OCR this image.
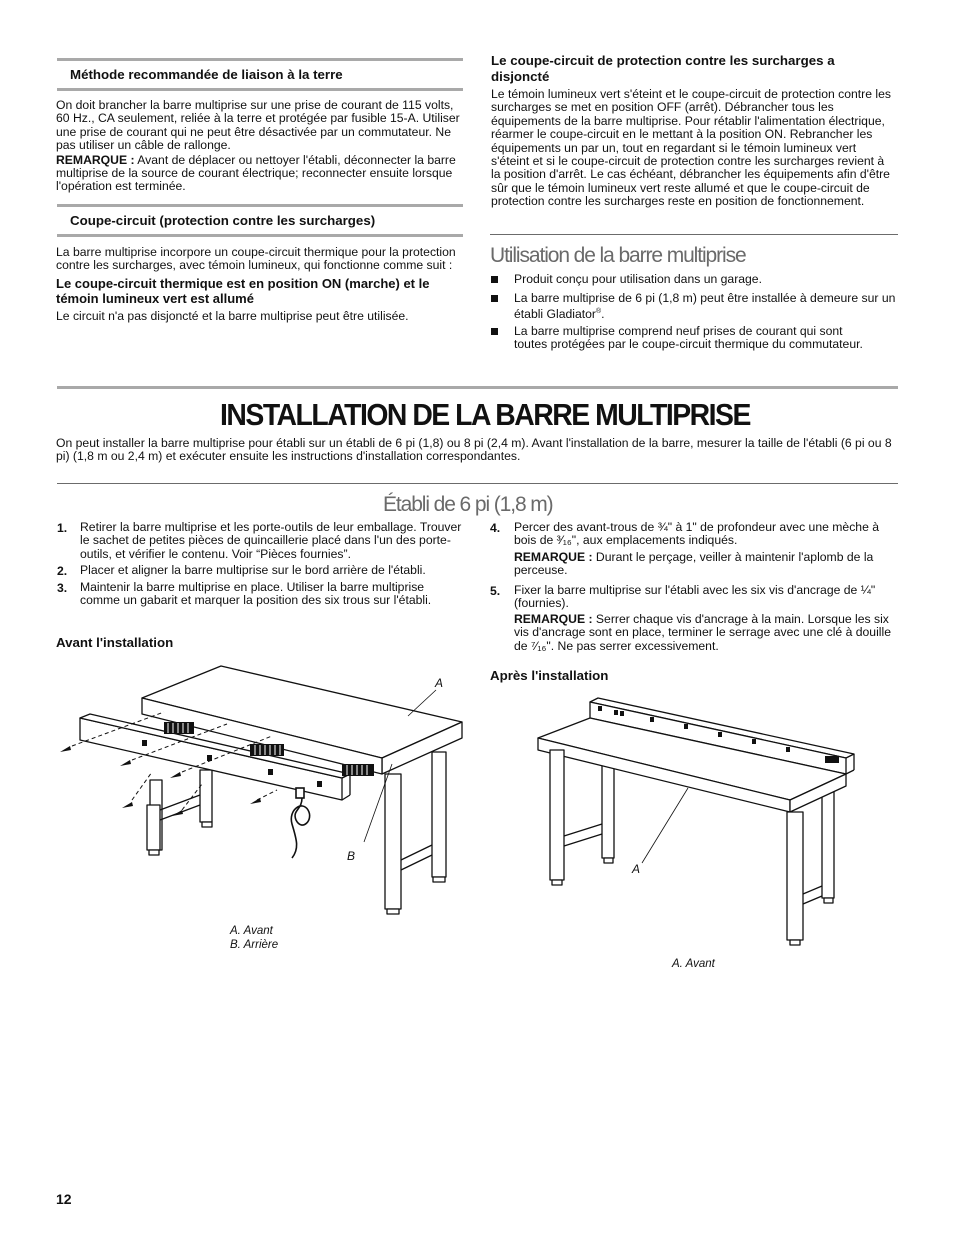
Méthode recommandée de liaison à la terre

On doit brancher la barre multiprise sur une prise de courant de 115 volts, 60 Hz., CA seulement, reliée à la terre et protégée par fusible 15-A. Utiliser une prise de courant qui ne peut être désactivée par un commutateur. Ne pas utiliser un câble de rallonge.

REMARQUE : Avant de déplacer ou nettoyer l'établi, déconnecter la barre multiprise de la source de courant électrique; reconnecter ensuite lorsque l'opération est terminée.

Coupe-circuit (protection contre les surcharges)

La barre multiprise incorpore un coupe-circuit thermique pour la protection contre les surcharges, avec témoin lumineux, qui fonctionne comme suit :

Le coupe-circuit thermique est en position ON (marche) et le témoin lumineux vert est allumé

Le circuit n'a pas disjoncté et la barre multiprise peut être utilisée.

Le coupe-circuit de protection contre les surcharges a disjoncté

Le témoin lumineux vert s'éteint et le coupe-circuit de protection contre les surcharges se met en position OFF (arrêt). Débrancher tous les équipements de la barre multiprise. Pour rétablir l'alimentation électrique, réarmer le coupe-circuit en le mettant à la position ON. Rebrancher les équipements un par un, tout en regardant si le témoin lumineux vert s'éteint et si le coupe-circuit de protection contre les surcharges revient à la position d'arrêt. Le cas échéant, débrancher les équipements afin d'être sûr que le témoin lumineux vert reste allumé et que le coupe-circuit de protection contre les surcharges reste en position de fonctionnement.

Utilisation de la barre multiprise

Produit conçu pour utilisation dans un garage.

La barre multiprise de 6 pi (1,8 m) peut être installée à demeure sur un établi Gladiator®.

La barre multiprise comprend neuf prises de courant qui sont toutes protégées par le coupe-circuit thermique du commutateur.

INSTALLATION DE LA BARRE MULTIPRISE

On peut installer la barre multiprise pour établi sur un établi de 6 pi (1,8) ou 8 pi (2,4 m). Avant l'installation de la barre, mesurer la taille de l'établi (6 pi ou 8 pi) (1,8 m ou 2,4 m) et exécuter ensuite les instructions d'installation correspondantes.

Établi de 6 pi (1,8 m)
1. Retirer la barre multiprise et les porte-outils de leur emballage. Trouver le sachet de petites pièces de quincaillerie placé dans l'un des porte-outils, et vérifier le contenu. Voir “Pièces fournies”.

2. Placer et aligner la barre multiprise sur le bord arrière de l'établi.

3. Maintenir la barre multiprise en place. Utiliser la barre multiprise comme un gabarit et marquer la position des six trous sur l'établi.

4. Percer des avant-trous de ¾" à 1" de profondeur avec une mèche à bois de ³⁄₁₆", aux emplacements indiqués.

REMARQUE : Durant le perçage, veiller à maintenir l'aplomb de la perceuse.

5. Fixer la barre multiprise sur l'établi avec les six vis d'ancrage de ¼" (fournies).

REMARQUE : Serrer chaque vis d'ancrage à la main. Lorsque les six vis d'ancrage sont en place, terminer le serrage avec une clé à douille de ⁷⁄₁₆". Ne pas serrer excessivement.

Avant l'installation
A
B
A. Avant
B. Arrière
Après l'installation
A
A. Avant
12
